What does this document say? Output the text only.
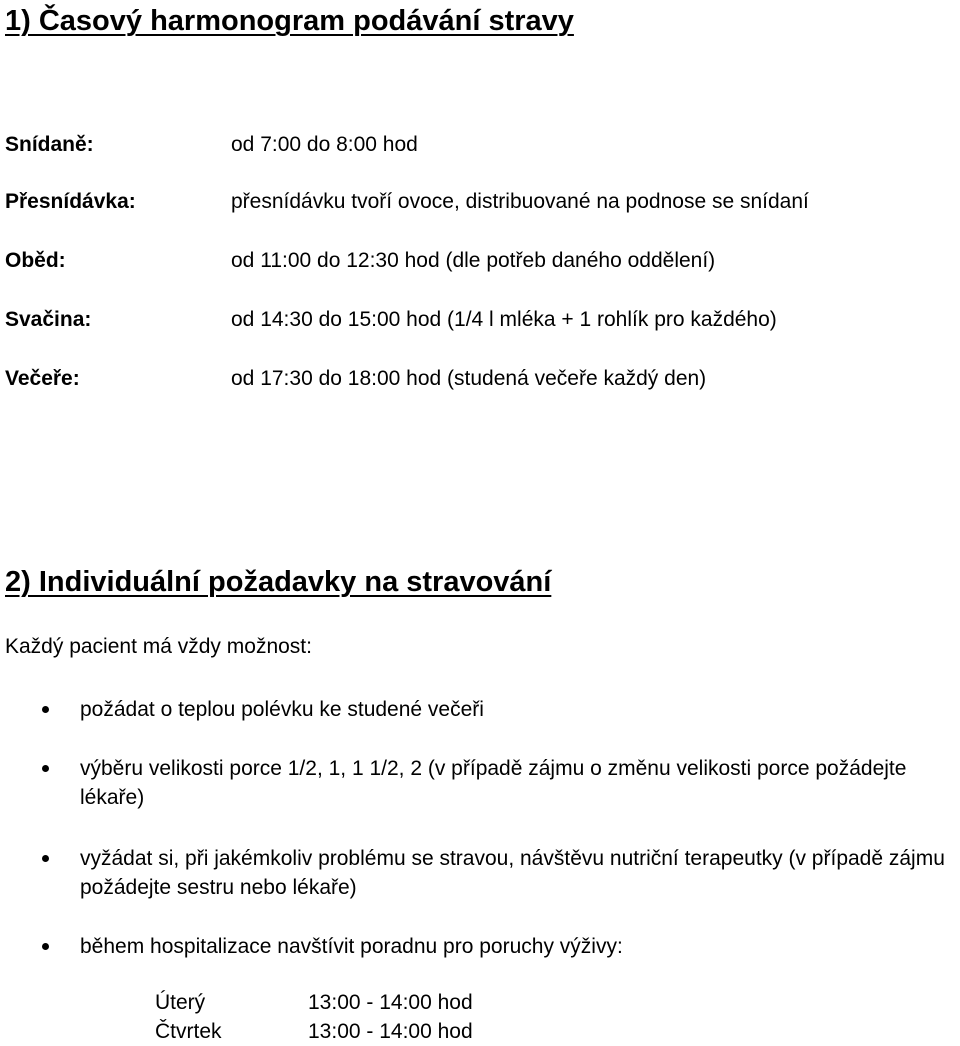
1) Časový harmonogram podávání stravy
Snídaně:	od 7:00 do 8:00 hod
Přesnídávka:	přesnídávku tvoří ovoce, distribuované na podnose se snídaní
Oběd:	od 11:00 do 12:30 hod (dle potřeb daného oddělení)
Svačina:	od 14:30 do 15:00 hod (1/4 l mléka + 1 rohlík pro každého)
Večeře:	od 17:30 do 18:00 hod (studená večeře každý den)
2) Individuální požadavky na stravování
Každý pacient má vždy možnost:
požádat o teplou polévku ke studené večeři
výběru velikosti porce 1/2, 1, 1 1/2, 2 (v případě zájmu o změnu velikosti porce požádejte lékaře)
vyžádat si, při jakémkoliv problému se stravou, návštěvu nutriční terapeutky (v případě zájmu požádejte sestru nebo lékaře)
během hospitalizace navštívit poradnu pro poruchy výživy:
Úterý	13:00 - 14:00 hod
Čtvrtek	13:00 - 14:00 hod
